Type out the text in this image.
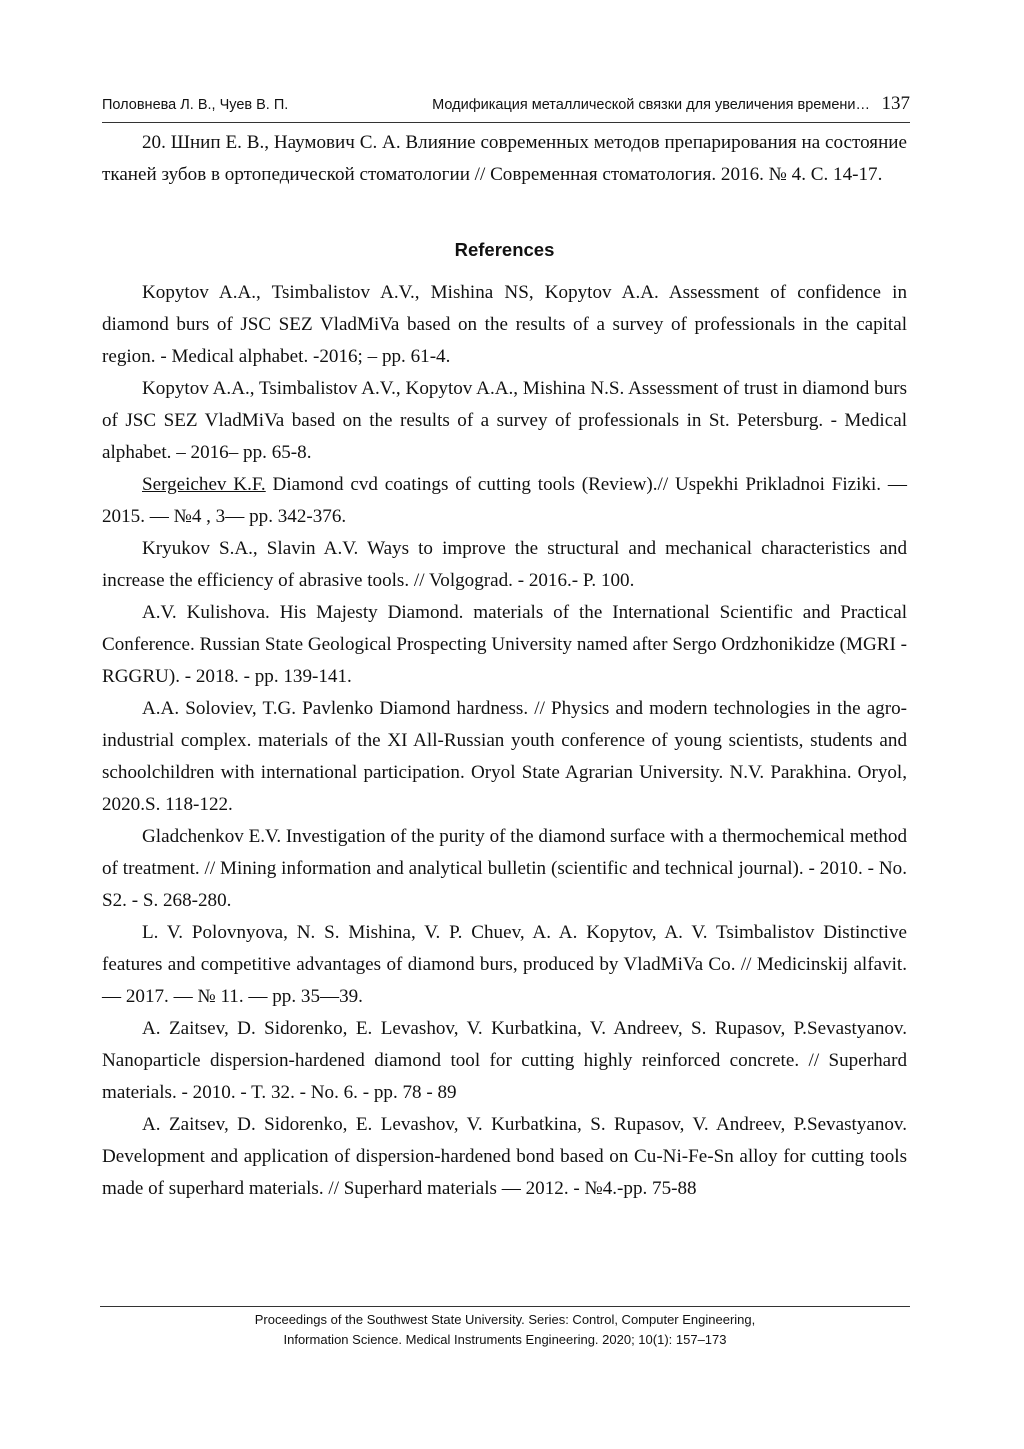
Половнева Л. В., Чуев В. П.	Модификация металлической связки для увеличения времени… 137

20. Шнип Е. В., Наумович С. А. Влияние современных методов препарирования на состояние тканей зубов в ортопедической стоматологии // Современная стоматология. 2016. № 4. С. 14-17.

References

Kopytov A.A., Tsimbalistov A.V., Mishina NS, Kopytov A.A. Assessment of confidence in diamond burs of JSC SEZ VladMiVa based on the results of a survey of professionals in the capital region. - Medical alphabet. -2016; – pp. 61-4.

Kopytov A.A., Tsimbalistov A.V., Kopytov A.A., Mishina N.S. Assessment of trust in diamond burs of JSC SEZ VladMiVa based on the results of a survey of professionals in St. Petersburg. - Medical alphabet. – 2016– pp. 65-8.

Sergeichev K.F. Diamond cvd coatings of cutting tools (Review).// Uspekhi Prikladnoi Fiziki. — 2015. — №4 , 3— pp. 342-376.

Kryukov S.A., Slavin A.V. Ways to improve the structural and mechanical characteristics and increase the efficiency of abrasive tools. // Volgograd. - 2016.- P. 100.

A.V. Kulishova. His Majesty Diamond. materials of the International Scientific and Practical Conference. Russian State Geological Prospecting University named after Sergo Ordzhonikidze (MGRI - RGGRU). - 2018. - pp. 139-141.

A.A. Soloviev, T.G. Pavlenko Diamond hardness. // Physics and modern technologies in the agro-industrial complex. materials of the XI All-Russian youth conference of young scientists, students and schoolchildren with international participation. Oryol State Agrarian University. N.V. Parakhina. Oryol, 2020.S. 118-122.

Gladchenkov E.V. Investigation of the purity of the diamond surface with a thermochemical method of treatment. // Mining information and analytical bulletin (scientific and technical journal). - 2010. - No. S2. - S. 268-280.

L. V. Polovnyova, N. S. Mishina, V. P. Chuev, A. A. Kopytov, A. V. Tsimbalistov Distinctive features and competitive advantages of diamond burs, produced by VladMiVa Co. // Medicinskij alfavit. — 2017. — № 11. — pp. 35—39.

A. Zaitsev, D. Sidorenko, E. Levashov, V. Kurbatkina, V. Andreev, S. Rupasov, P.Sevastyanov. Nanoparticle dispersion-hardened diamond tool for cutting highly reinforced concrete. // Superhard materials. - 2010. - T. 32. - No. 6. - pp. 78 - 89

A. Zaitsev, D. Sidorenko, E. Levashov, V. Kurbatkina, S. Rupasov, V. Andreev, P.Sevastyanov. Development and application of dispersion-hardened bond based on Cu-Ni-Fe-Sn alloy for cutting tools made of superhard materials. // Superhard materials — 2012. - №4.-pp. 75-88

Proceedings of the Southwest State University. Series: Control, Computer Engineering,
Information Science. Medical Instruments Engineering. 2020; 10(1): 157–173
